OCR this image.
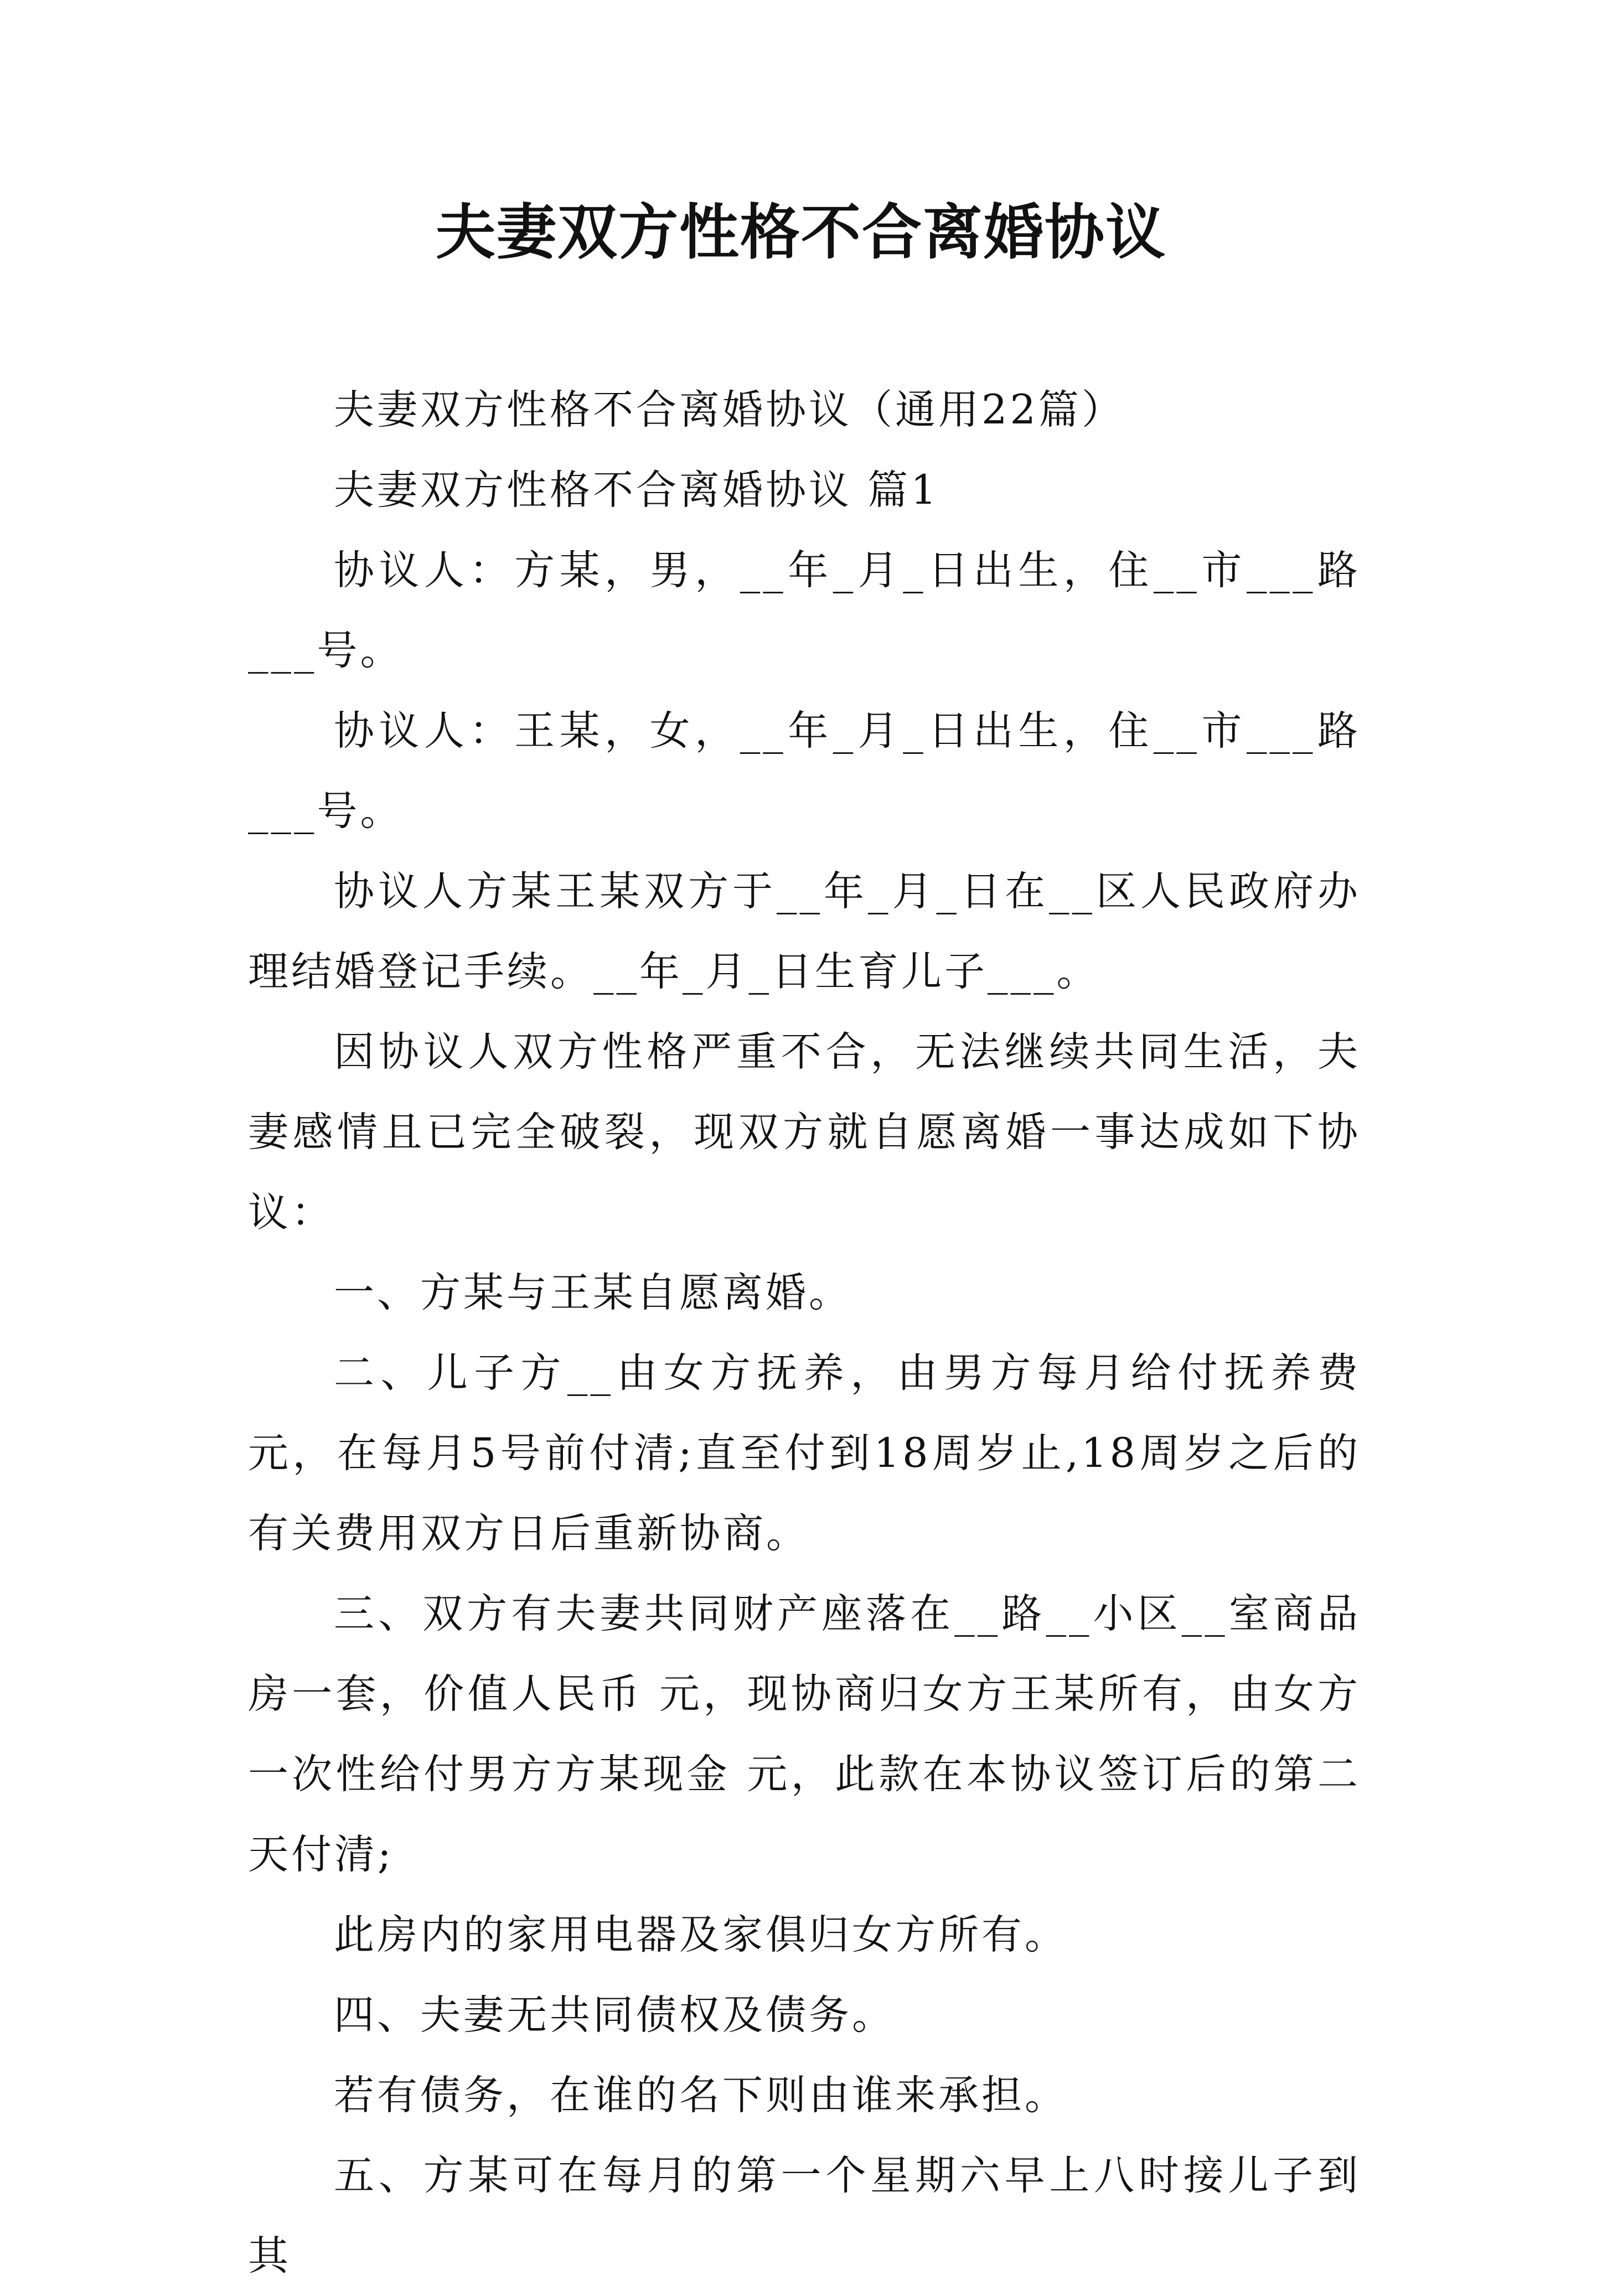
夫妻双方性格不合离婚协议

夫妻双方性格不合离婚协议（通用22篇）

夫妻双方性格不合离婚协议 篇1

协议人：方某，男，__年_月_日出生，住__市___路___号。

协议人：王某，女，__年_月_日出生，住__市___路___号。

协议人方某王某双方于__年_月_日在__区人民政府办理结婚登记手续。__年_月_日生育儿子___。

因协议人双方性格严重不合，无法继续共同生活，夫妻感情且已完全破裂，现双方就自愿离婚一事达成如下协议：

一、方某与王某自愿离婚。

二、儿子方__由女方抚养，由男方每月给付抚养费 元，在每月5号前付清;直至付到18周岁止,18周岁之后的有关费用双方日后重新协商。

三、双方有夫妻共同财产座落在__路__小区__室商品房一套，价值人民币 元，现协商归女方王某所有，由女方一次性给付男方方某现金 元，此款在本协议签订后的第二天付清;

此房内的家用电器及家俱归女方所有。

四、夫妻无共同债权及债务。

若有债务，在谁的名下则由谁来承担。

五、方某可在每月的第一个星期六早上八时接儿子到其
